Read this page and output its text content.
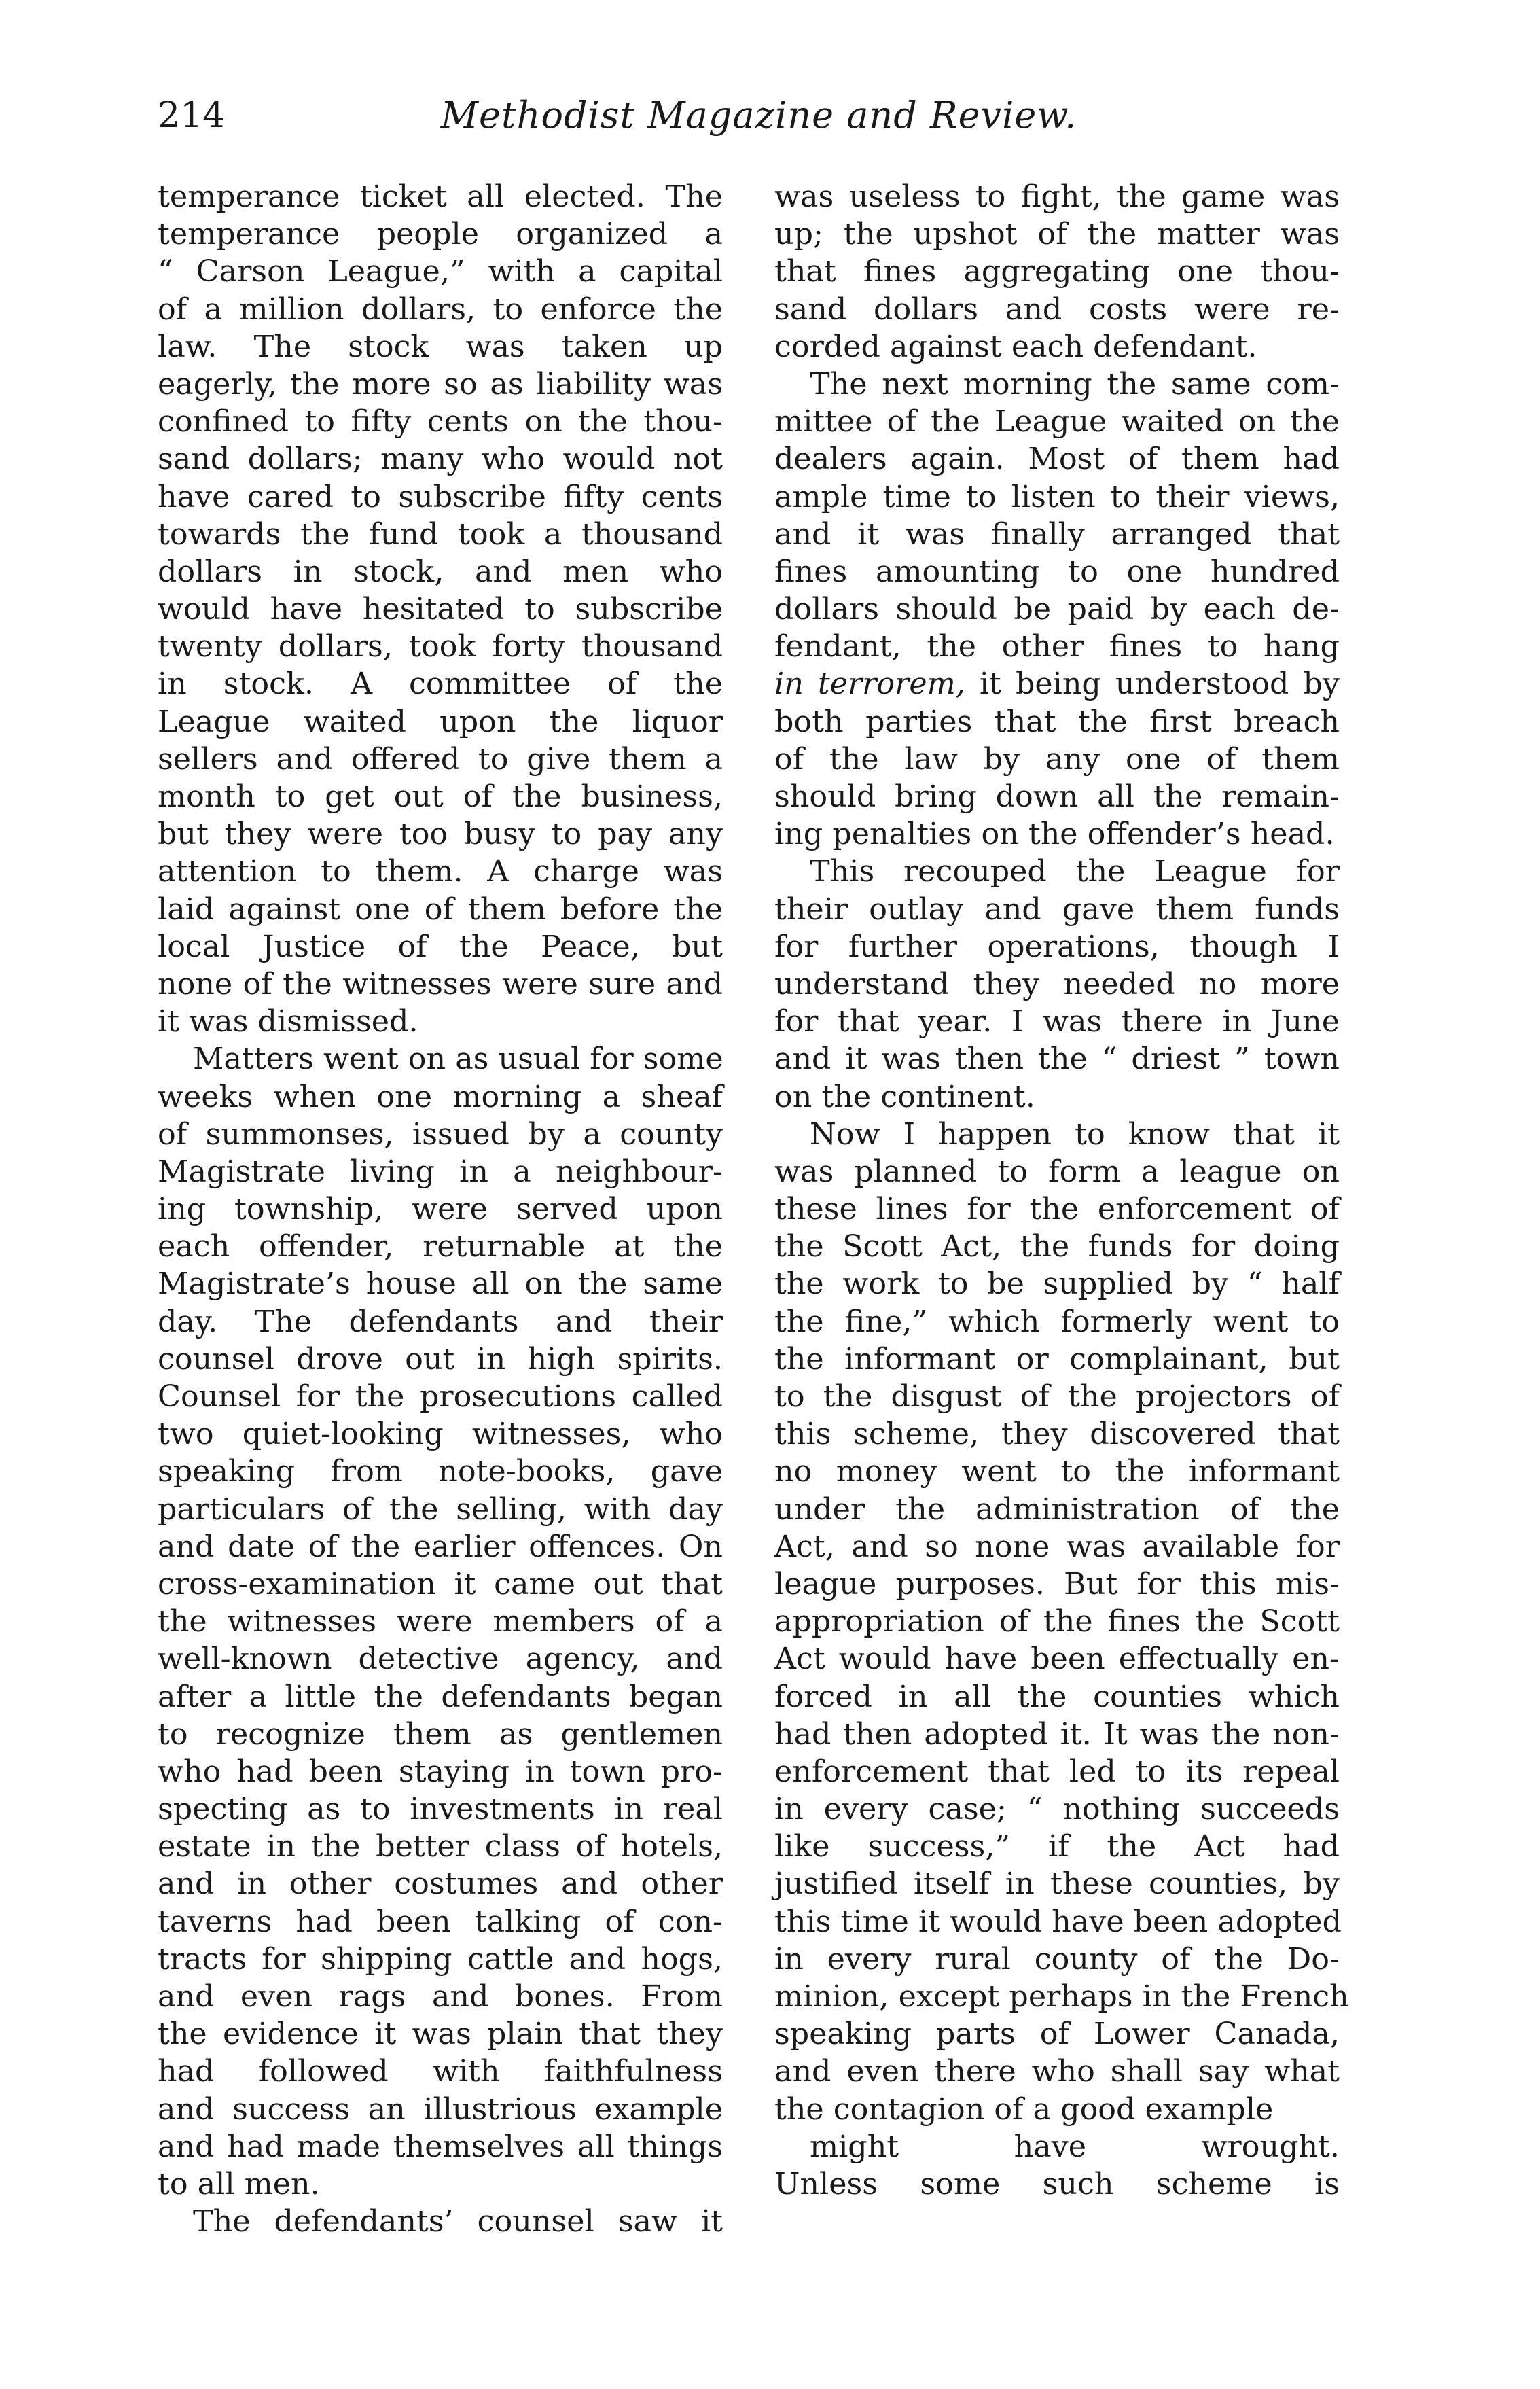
214	Methodist Magazine and Review.
temperance ticket all elected. The
temperance people organized a
“ Carson League,” with a capital
of a million dollars, to enforce the
law. The stock was taken up
eagerly, the more so as liability was
confined to fifty cents on the thou-
sand dollars; many who would not
have cared to subscribe fifty cents
towards the fund took a thousand
dollars in stock, and men who
would have hesitated to subscribe
twenty dollars, took forty thousand
in stock. A committee of the
League waited upon the liquor
sellers and offered to give them a
month to get out of the business,
but they were too busy to pay any
attention to them. A charge was
laid against one of them before the
local Justice of the Peace, but
none of the witnesses were sure and
it was dismissed.
Matters went on as usual for some
weeks when one morning a sheaf
of summonses, issued by a county
Magistrate living in a neighbour-
ing township, were served upon
each offender, returnable at the
Magistrate’s house all on the same
day. The defendants and their
counsel drove out in high spirits.
Counsel for the prosecutions called
two quiet-looking witnesses, who
speaking from note-books, gave
particulars of the selling, with day
and date of the earlier offences. On
cross-examination it came out that
the witnesses were members of a
well-known detective agency, and
after a little the defendants began
to recognize them as gentlemen
who had been staying in town pro-
specting as to investments in real
estate in the better class of hotels,
and in other costumes and other
taverns had been talking of con-
tracts for shipping cattle and hogs,
and even rags and bones. From
the evidence it was plain that they
had followed with faithfulness
and success an illustrious example
and had made themselves all things
to all men.
The defendants’ counsel saw it
was useless to fight, the game was
up; the upshot of the matter was
that fines aggregating one thou-
sand dollars and costs were re-
corded against each defendant.
The next morning the same com-
mittee of the League waited on the
dealers again. Most of them had
ample time to listen to their views,
and it was finally arranged that
fines amounting to one hundred
dollars should be paid by each de-
fendant, the other fines to hang
in terrorem, it being understood by
both parties that the first breach
of the law by any one of them
should bring down all the remain-
ing penalties on the offender’s head.
This recouped the League for
their outlay and gave them funds
for further operations, though I
understand they needed no more
for that year. I was there in June
and it was then the “ driest ” town
on the continent.
Now I happen to know that it
was planned to form a league on
these lines for the enforcement of
the Scott Act, the funds for doing
the work to be supplied by “ half
the fine,” which formerly went to
the informant or complainant, but
to the disgust of the projectors of
this scheme, they discovered that
no money went to the informant
under the administration of the
Act, and so none was available for
league purposes. But for this mis-
appropriation of the fines the Scott
Act would have been effectually en-
forced in all the counties which
had then adopted it. It was the non-
enforcement that led to its repeal
in every case; “ nothing succeeds
like success,” if the Act had
justified itself in these counties, by
this time it would have been adopted
in every rural county of the Do-
minion, except perhaps in the French
speaking parts of Lower Canada,
and even there who shall say what
the contagion of a good example
might have wrought.
Unless some such scheme is
